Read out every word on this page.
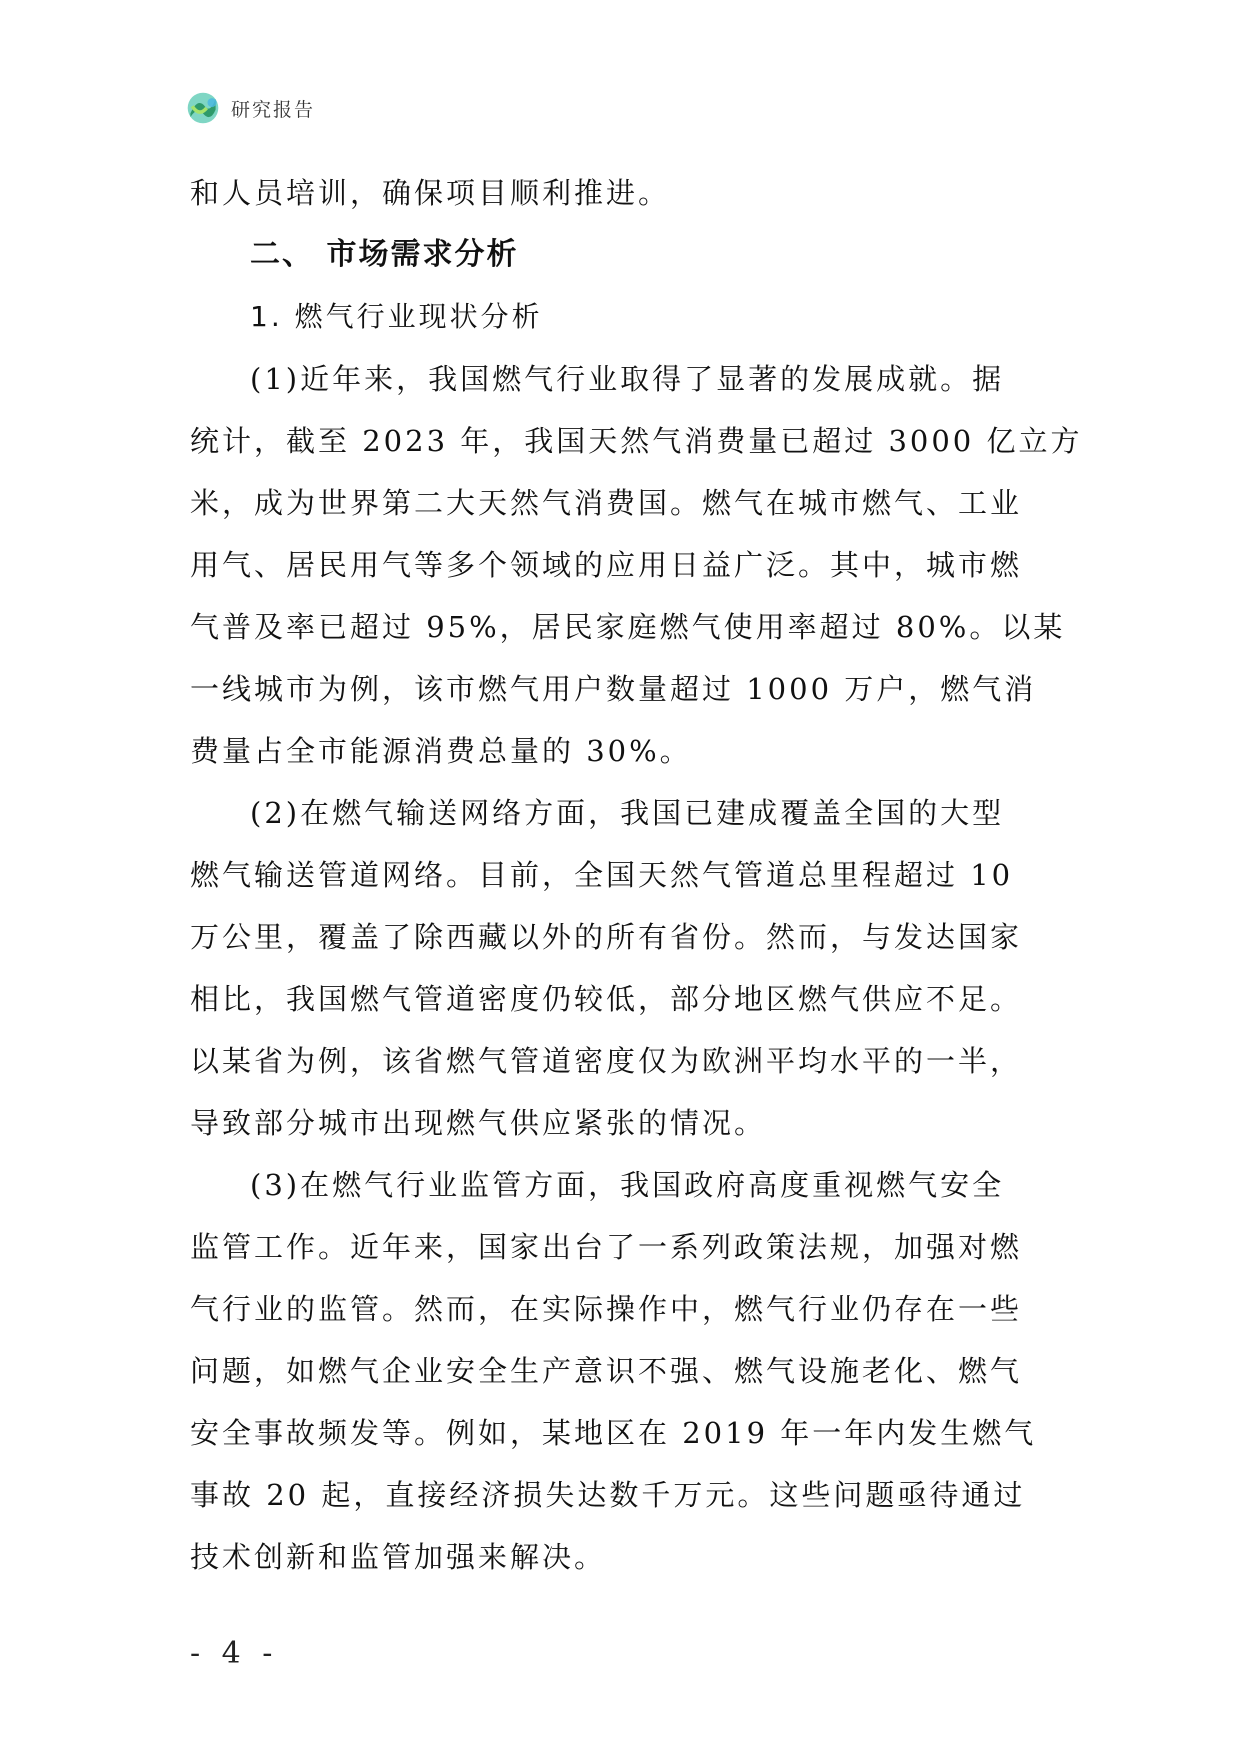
研究报告
和人员培训，确保项目顺利推进。
二、 市场需求分析
1. 燃气行业现状分析
(1)近年来，我国燃气行业取得了显著的发展成就。据
统计，截至 2023 年，我国天然气消费量已超过 3000 亿立方
米，成为世界第二大天然气消费国。燃气在城市燃气、工业
用气、居民用气等多个领域的应用日益广泛。其中，城市燃
气普及率已超过 95%，居民家庭燃气使用率超过 80%。以某
一线城市为例，该市燃气用户数量超过 1000 万户，燃气消
费量占全市能源消费总量的 30%。
(2)在燃气输送网络方面，我国已建成覆盖全国的大型
燃气输送管道网络。目前，全国天然气管道总里程超过 10
万公里，覆盖了除西藏以外的所有省份。然而，与发达国家
相比，我国燃气管道密度仍较低，部分地区燃气供应不足。
以某省为例，该省燃气管道密度仅为欧洲平均水平的一半，
导致部分城市出现燃气供应紧张的情况。
(3)在燃气行业监管方面，我国政府高度重视燃气安全
监管工作。近年来，国家出台了一系列政策法规，加强对燃
气行业的监管。然而，在实际操作中，燃气行业仍存在一些
问题，如燃气企业安全生产意识不强、燃气设施老化、燃气
安全事故频发等。例如，某地区在 2019 年一年内发生燃气
事故 20 起，直接经济损失达数千万元。这些问题亟待通过
技术创新和监管加强来解决。
- 4 -
